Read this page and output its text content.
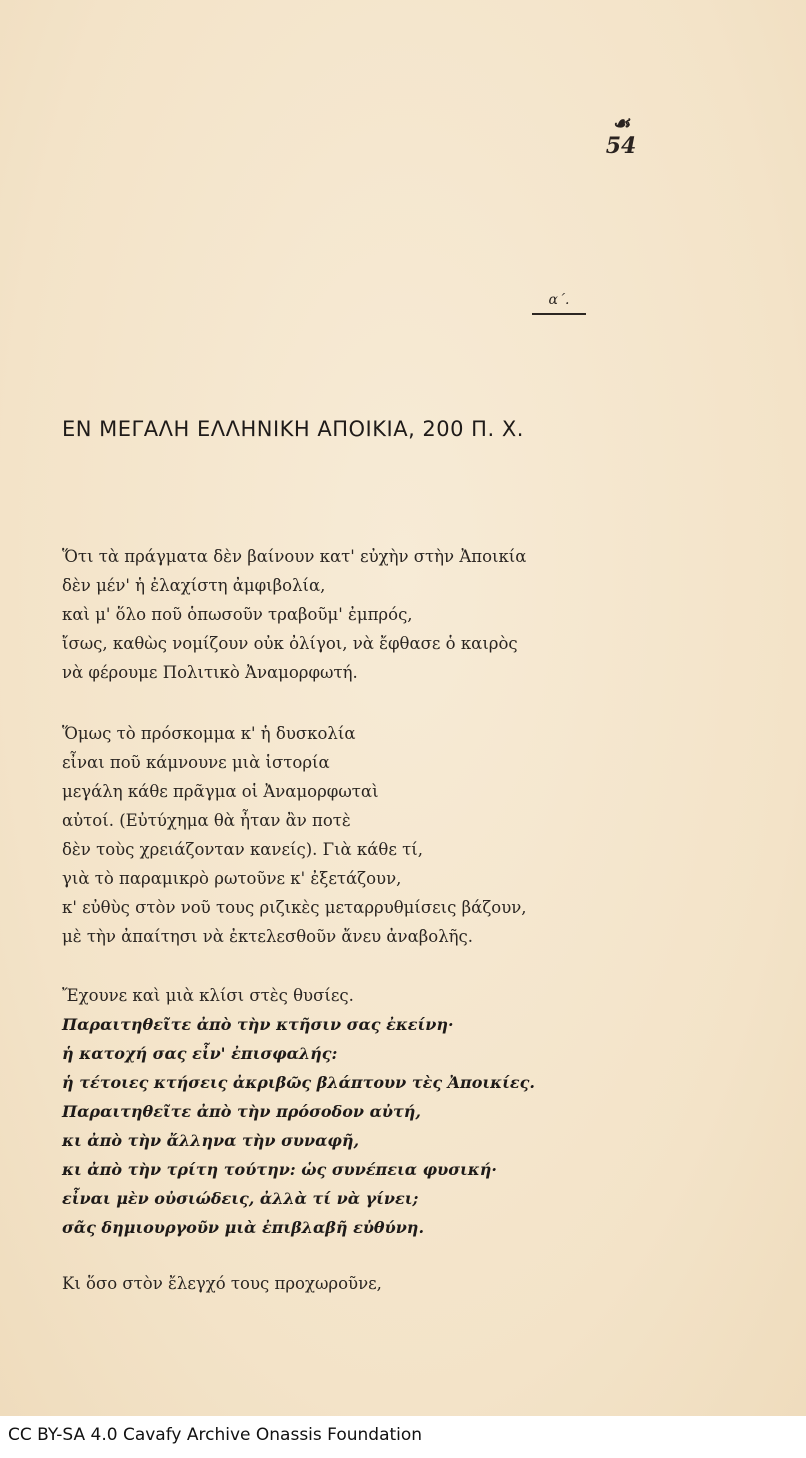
☙
54
α΄.
ΕΝ ΜΕΓΑΛΗ ΕΛΛΗΝΙΚΗ ΑΠΟΙΚΙΑ, 200 Π. Χ.
Ὅτι τὰ πράγματα δὲν βαίνουν κατ' εὐχὴν στὴν Ἀποικία
δὲν μέν' ἡ ἐλαχίστη ἀμφιβολία,
καὶ μ' ὅλο ποῦ ὁπωσοῦν τραβοῦμ' ἐμπρός,
ἴσως, καθὼς νομίζουν οὐκ ὀλίγοι, νὰ ἔφθασε ὁ καιρὸς
νὰ φέρουμε Πολιτικὸ Ἀναμορφωτή.
Ὅμως τὸ πρόσκομμα κ' ἡ δυσκολία
εἶναι ποῦ κάμνουνε μιὰ ἱστορία
μεγάλη κάθε πρᾶγμα οἱ Ἀναμορφωταὶ
αὐτοί. (Εὐτύχημα θὰ ἦταν ἂν ποτὲ
δὲν τοὺς χρειάζονταν κανείς). Γιὰ κάθε τί,
γιὰ τὸ παραμικρὸ ρωτοῦνε κ' ἐξετάζουν,
κ' εὐθὺς στὸν νοῦ τους ριζικὲς μεταρρυθμίσεις βάζουν,
μὲ τὴν ἀπαίτησι νὰ ἐκτελεσθοῦν ἄνευ ἀναβολῆς.
Ἔχουνε καὶ μιὰ κλίσι στὲς θυσίες.
Παραιτηθεῖτε ἀπὸ τὴν κτῆσιν σας ἐκείνη·
ἡ κατοχή σας εἶν' ἐπισφαλής:
ἡ τέτοιες κτήσεις ἀκριβῶς βλάπτουν τὲς Ἀποικίες.
Παραιτηθεῖτε ἀπὸ τὴν πρόσοδον αὐτή,
κι ἀπὸ τὴν ἄλληνα τὴν συναφῆ,
κι ἀπὸ τὴν τρίτη τούτην: ὡς συνέπεια φυσική·
εἶναι μὲν οὐσιώδεις, ἀλλὰ τί νὰ γίνει;
σᾶς δημιουργοῦν μιὰ ἐπιβλαβῆ εὐθύνη.
Κι ὅσο στὸν ἔλεγχό τους προχωροῦνε,
CC BY-SA 4.0 Cavafy Archive Onassis Foundation
